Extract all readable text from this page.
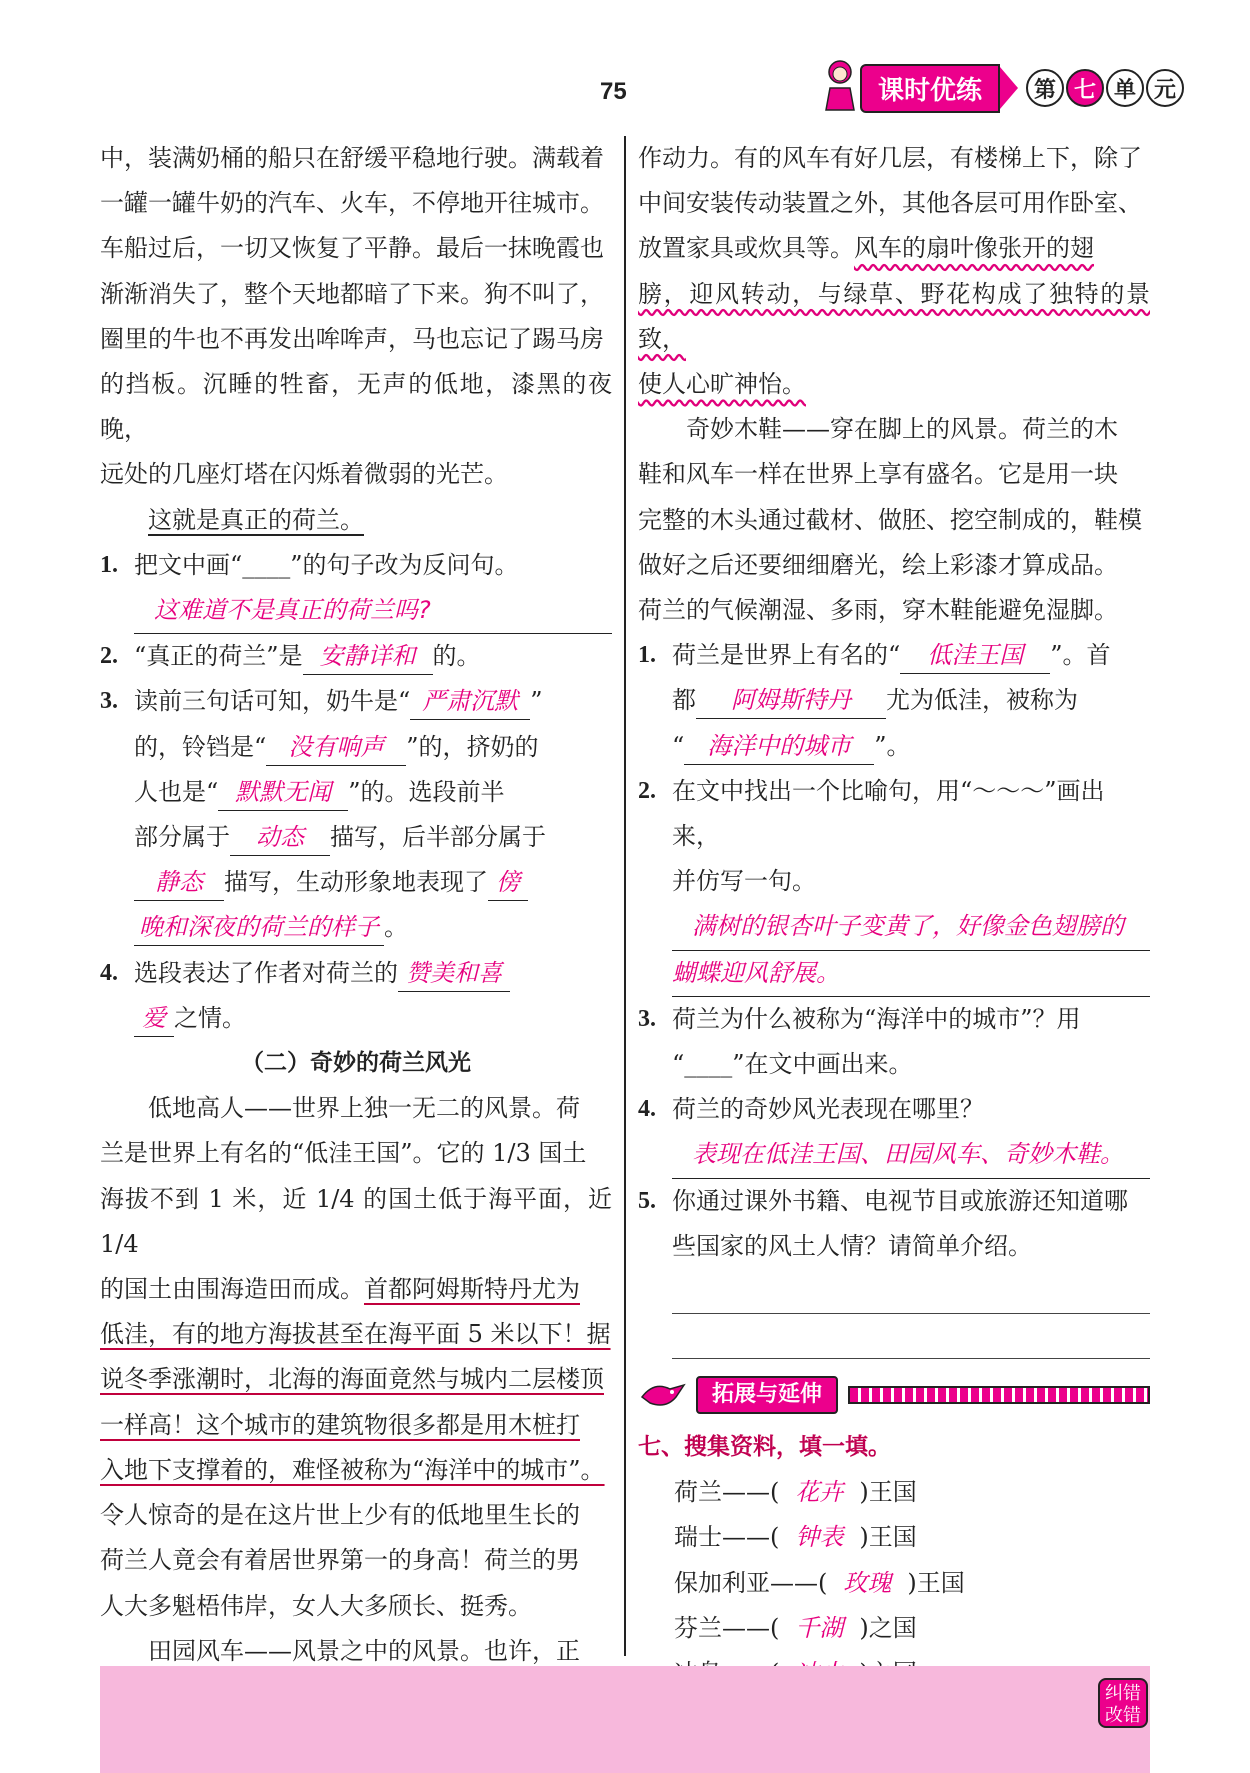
75	课时优练	第 七 单 元

中，装满奶桶的船只在舒缓平稳地行驶。满载着

一罐一罐牛奶的汽车、火车，不停地开往城市。

车船过后，一切又恢复了平静。最后一抹晚霞也

渐渐消失了，整个天地都暗了下来。狗不叫了，

圈里的牛也不再发出哞哞声，马也忘记了踢马房

的挡板。沉睡的牲畜，无声的低地，漆黑的夜晚，

远处的几座灯塔在闪烁着微弱的光芒。

这就是真正的荷兰。

1. 把文中画“____”的句子改为反问句。
这难道不是真正的荷兰吗?
2. “真正的荷兰”是 安静详和 的。
3. 读前三句话可知，奶牛是“ 严肃沉默 ”
的，铃铛是“ 没有响声 ”的，挤奶的
人也是“ 默默无闻 ”的。选段前半
部分属于 动态 描写，后半部分属于
静态 描写，生动形象地表现了 傍
晚和深夜的荷兰的样子 。
4. 选段表达了作者对荷兰的 赞美和喜
爱 之情。
（二）奇妙的荷兰风光

低地高人——世界上独一无二的风景。荷

兰是世界上有名的“低洼王国”。它的 1/3 国土

海拔不到 1 米，近 1/4 的国土低于海平面，近 1/4

的国土由围海造田而成。首都阿姆斯特丹尤为

低洼，有的地方海拔甚至在海平面 5 米以下！据

说冬季涨潮时，北海的海面竟然与城内二层楼顶

一样高！这个城市的建筑物很多都是用木桩打

入地下支撑着的，难怪被称为“海洋中的城市”。

令人惊奇的是在这片世上少有的低地里生长的

荷兰人竟会有着居世界第一的身高！荷兰的男

人大多魁梧伟岸，女人大多颀长、挺秀。

田园风车——风景之中的风景。也许，正

作动力。有的风车有好几层，有楼梯上下，除了

中间安装传动装置之外，其他各层可用作卧室、

放置家具或炊具等。风车的扇叶像张开的翅

膀，迎风转动，与绿草、野花构成了独特的景致，

使人心旷神怡。

奇妙木鞋——穿在脚上的风景。荷兰的木

鞋和风车一样在世界上享有盛名。它是用一块

完整的木头通过截材、做胚、挖空制成的，鞋模

做好之后还要细细磨光，绘上彩漆才算成品。

荷兰的气候潮湿、多雨，穿木鞋能避免湿脚。

1. 荷兰是世界上有名的“ 低洼王国 ”。首
都 阿姆斯特丹 尤为低洼，被称为
“ 海洋中的城市 ”。
2. 在文中找出一个比喻句，用“～～～”画出来，
并仿写一句。
满树的银杏叶子变黄了，好像金色翅膀的
蝴蝶迎风舒展。
3. 荷兰为什么被称为“海洋中的城市”？用
“____”在文中画出来。
4. 荷兰的奇妙风光表现在哪里？
表现在低洼王国、田园风车、奇妙木鞋。
5. 你通过课外书籍、电视节目或旅游还知道哪
些国家的风土人情？请简单介绍。
拓展与延伸
七、搜集资料，填一填。
荷兰——( 花卉 )王国
瑞士——( 钟表 )王国
保加利亚——( 玫瑰 )王国
芬兰——( 千湖 )之国
纠错改错
